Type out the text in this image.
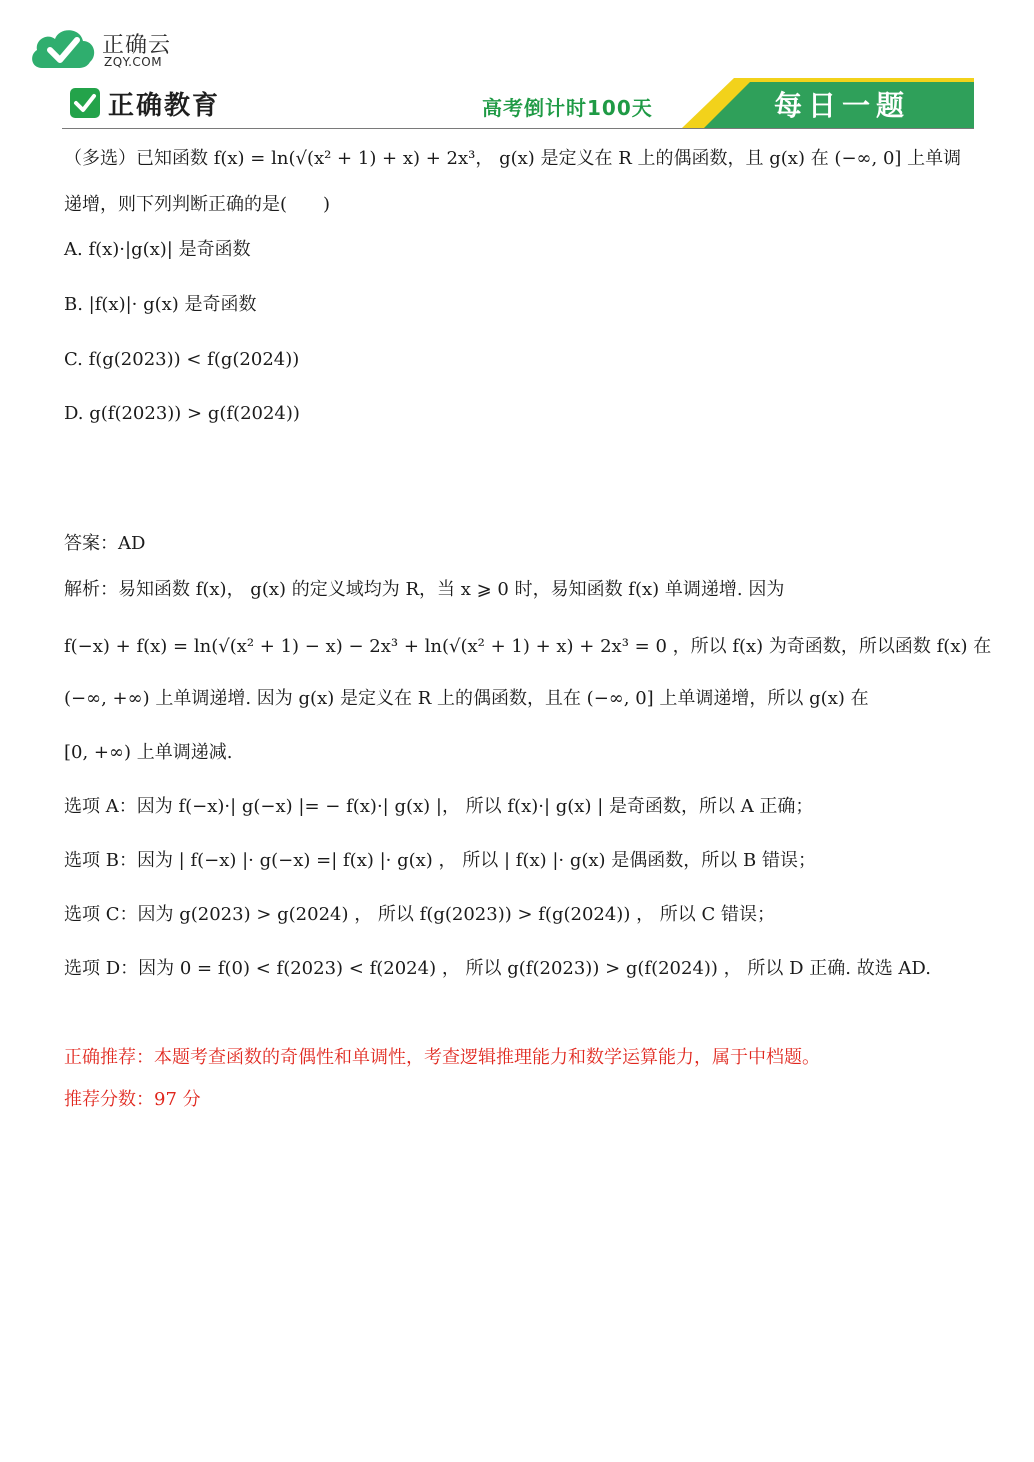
正确云
ZQY.COM
正确教育	高考倒计时100天	每日一题
（多选）已知函数 f(x) = ln(√(x² + 1) + x) + 2x³， g(x) 是定义在 R 上的偶函数，且 g(x) 在 (−∞, 0] 上单调
递增，则下列判断正确的是(　　)
A. f(x)·|g(x)| 是奇函数
B. |f(x)|· g(x) 是奇函数
C. f(g(2023)) < f(g(2024))
D. g(f(2023)) > g(f(2024))
答案：AD
解析：易知函数 f(x)， g(x) 的定义域均为 R，当 x ⩾ 0 时，易知函数 f(x) 单调递增. 因为
f(−x) + f(x) = ln(√(x² + 1) − x) − 2x³ + ln(√(x² + 1) + x) + 2x³ = 0 ，所以 f(x) 为奇函数，所以函数 f(x) 在
(−∞, +∞) 上单调递增. 因为 g(x) 是定义在 R 上的偶函数，且在 (−∞, 0] 上单调递增，所以 g(x) 在
[0, +∞) 上单调递减.
选项 A：因为 f(−x)·| g(−x) |= − f(x)·| g(x) |， 所以 f(x)·| g(x) | 是奇函数，所以 A 正确；
选项 B：因为 | f(−x) |· g(−x) =| f(x) |· g(x) ， 所以 | f(x) |· g(x) 是偶函数，所以 B 错误；
选项 C：因为 g(2023) > g(2024) ， 所以 f(g(2023)) > f(g(2024)) ， 所以 C 错误；
选项 D：因为 0 = f(0) < f(2023) < f(2024) ， 所以 g(f(2023)) > g(f(2024)) ， 所以 D 正确. 故选 AD.
正确推荐：本题考查函数的奇偶性和单调性，考查逻辑推理能力和数学运算能力，属于中档题。
推荐分数：97 分
